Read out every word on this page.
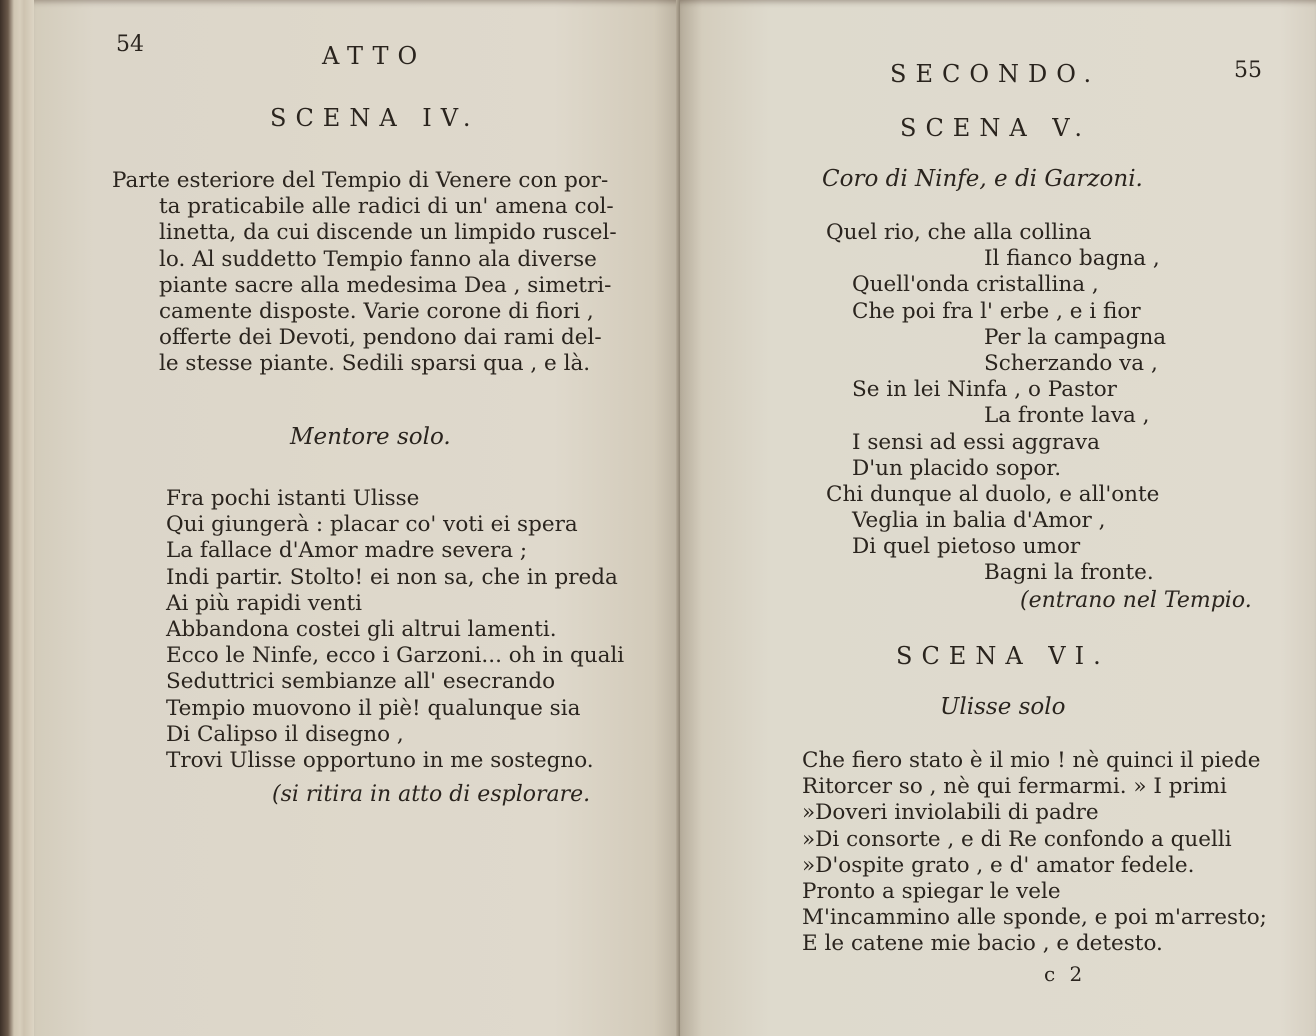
54	ATTO
SCENA IV.
Parte esteriore del Tempio di Venere con por-
ta praticabile alle radici di un' amena col-
linetta, da cui discende un limpido ruscel-
lo. Al suddetto Tempio fanno ala diverse
piante sacre alla medesima Dea , simetri-
camente disposte. Varie corone di fiori ,
offerte dei Devoti, pendono dai rami del-
le stesse piante. Sedili sparsi qua , e là.
Mentore solo.
Fra pochi istanti Ulisse
Qui giungerà : placar co' voti ei spera
La fallace d'Amor madre severa ;
Indi partir. Stolto! ei non sa, che in preda
Ai più rapidi venti
Abbandona costei gli altrui lamenti.
Ecco le Ninfe, ecco i Garzoni... oh in quali
Seduttrici sembianze all' esecrando
Tempio muovono il piè! qualunque sia
Di Calipso il disegno ,
Trovi Ulisse opportuno in me sostegno.
(si ritira in atto di esplorare.
SECONDO.	55
SCENA V.
Coro di Ninfe, e di Garzoni.
Quel rio, che alla collina
Il fianco bagna ,
Quell'onda cristallina ,
Che poi fra l' erbe , e i fior
Per la campagna
Scherzando va ,
Se in lei Ninfa , o Pastor
La fronte lava ,
I sensi ad essi aggrava
D'un placido sopor.
Chi dunque al duolo, e all'onte
Veglia in balia d'Amor ,
Di quel pietoso umor
Bagni la fronte.
(entrano nel Tempio.
SCENA VI.
Ulisse solo
Che fiero stato è il mio ! nè quinci il piede
Ritorcer so , nè qui fermarmi. » I primi
»Doveri inviolabili di padre
»Di consorte , e di Re confondo a quelli
»D'ospite grato , e d' amator fedele.
Pronto a spiegar le vele
M'incammino alle sponde, e poi m'arresto;
E le catene mie bacio , e detesto.
c 2
